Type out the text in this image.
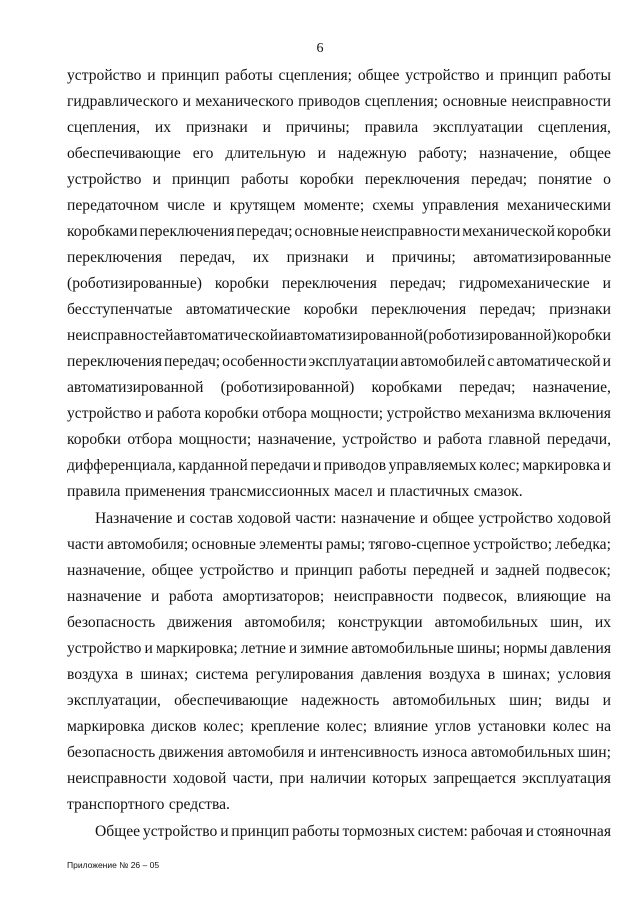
6
устройство и принцип работы сцепления; общее устройство и принцип работы
гидравлического и механического приводов сцепления; основные неисправности
сцепления, их признаки и причины; правила эксплуатации сцепления,
обеспечивающие его длительную и надежную работу; назначение, общее
устройство и принцип работы коробки переключения передач; понятие о
передаточном числе и крутящем моменте; схемы управления механическими
коробками переключения передач; основные неисправности механической коробки
переключения передач, их признаки и причины; автоматизированные
(роботизированные) коробки переключения передач; гидромеханические и
бесступенчатые автоматические коробки переключения передач; признаки
неисправностей автоматической и автоматизированной (роботизированной) коробки
переключения передач; особенности эксплуатации автомобилей с автоматической и
автоматизированной (роботизированной) коробками передач; назначение,
устройство и работа коробки отбора мощности; устройство механизма включения
коробки отбора мощности; назначение, устройство и работа главной передачи,
дифференциала, карданной передачи и приводов управляемых колес; маркировка и
правила применения трансмиссионных масел и пластичных смазок.
Назначение и состав ходовой части: назначение и общее устройство ходовой
части автомобиля; основные элементы рамы; тягово-сцепное устройство; лебедка;
назначение, общее устройство и принцип работы передней и задней подвесок;
назначение и работа амортизаторов; неисправности подвесок, влияющие на
безопасность движения автомобиля; конструкции автомобильных шин, их
устройство и маркировка; летние и зимние автомобильные шины; нормы давления
воздуха в шинах; система регулирования давления воздуха в шинах; условия
эксплуатации, обеспечивающие надежность автомобильных шин; виды и
маркировка дисков колес; крепление колес; влияние углов установки колес на
безопасность движения автомобиля и интенсивность износа автомобильных шин;
неисправности ходовой части, при наличии которых запрещается эксплуатация
транспортного средства.
Общее устройство и принцип работы тормозных систем: рабочая и стояночная
Приложение № 26 – 05
